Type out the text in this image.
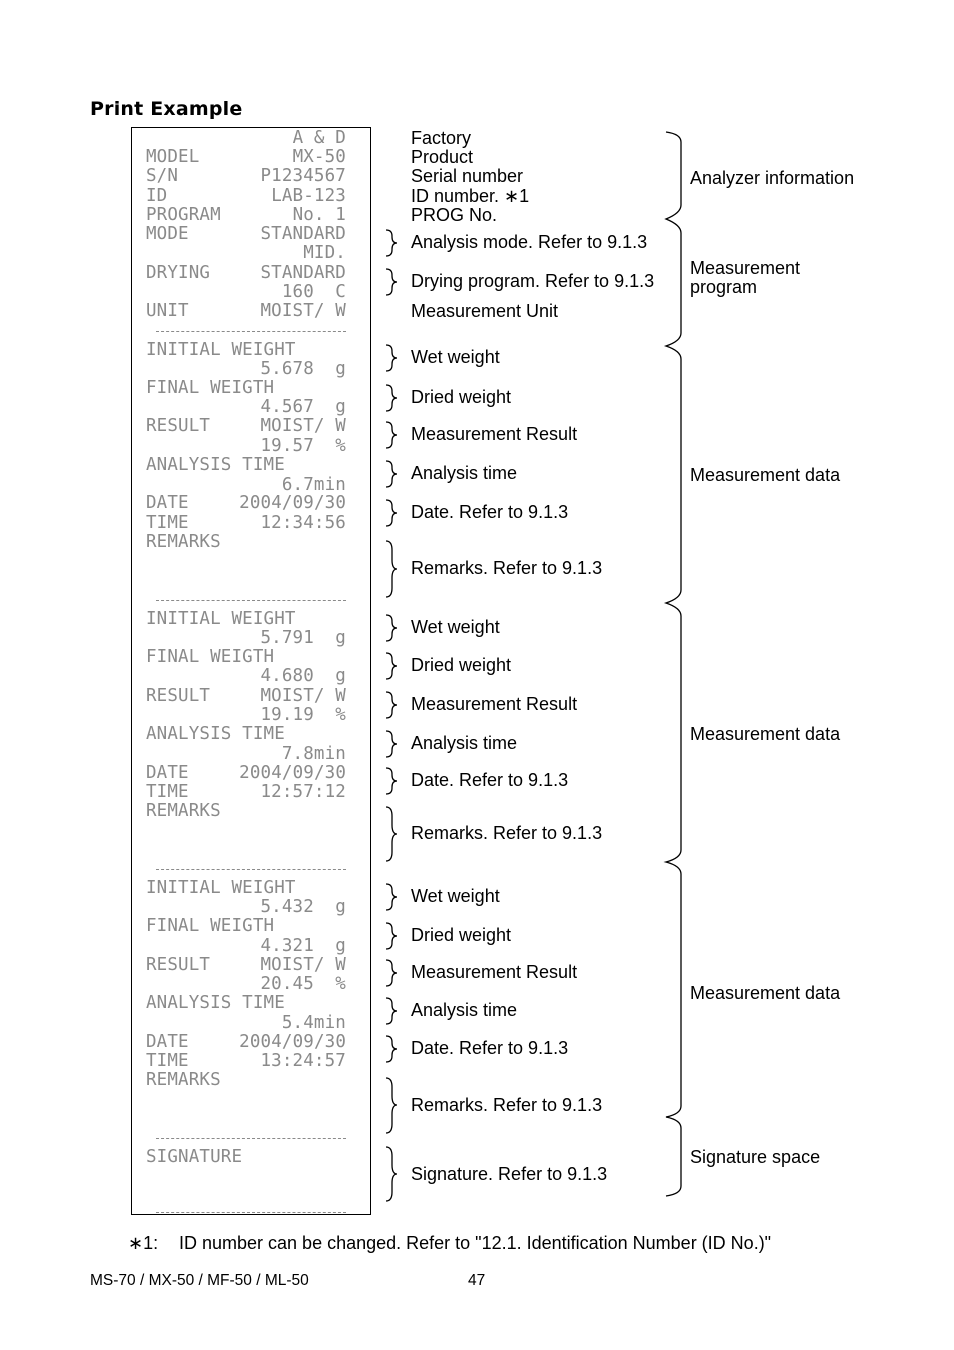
Print Example
A & D
MODEL	MX-50
S/N	P1234567
ID	LAB-123
PROGRAM	No. 1
MODE	STANDARD
MID.
DRYING	STANDARD
160  C
UNIT	MOIST/ W
INITIAL WEIGHT
5.678  g
FINAL WEIGTH
4.567  g
RESULT	MOIST/ W
19.57  %
ANALYSIS TIME
6.7min
DATE	2004/09/30
TIME	12:34:56
REMARKS
INITIAL WEIGHT
5.791  g
FINAL WEIGTH
4.680  g
RESULT	MOIST/ W
19.19  %
ANALYSIS TIME
7.8min
DATE	2004/09/30
TIME	12:57:12
REMARKS
INITIAL WEIGHT
5.432  g
FINAL WEIGTH
4.321  g
RESULT	MOIST/ W
20.45  %
ANALYSIS TIME
5.4min
DATE	2004/09/30
TIME	13:24:57
REMARKS
SIGNATURE
Factory
Product
Serial number
ID number. ∗1
PROG No.
Analysis mode. Refer to 9.1.3
Drying program. Refer to 9.1.3
Measurement Unit
Wet weight
Dried weight
Measurement Result
Analysis time
Date. Refer to 9.1.3
Remarks. Refer to 9.1.3
Wet weight
Dried weight
Measurement Result
Analysis time
Date. Refer to 9.1.3
Remarks. Refer to 9.1.3
Wet weight
Dried weight
Measurement Result
Analysis time
Date. Refer to 9.1.3
Remarks. Refer to 9.1.3
Signature. Refer to 9.1.3
Analyzer information
Measurement
program
Measurement data
Measurement data
Measurement data
Signature space
∗1: ID number can be changed. Refer to "12.1. Identification Number (ID No.)"
MS-70 / MX-50 / MF-50 / ML-50	47
